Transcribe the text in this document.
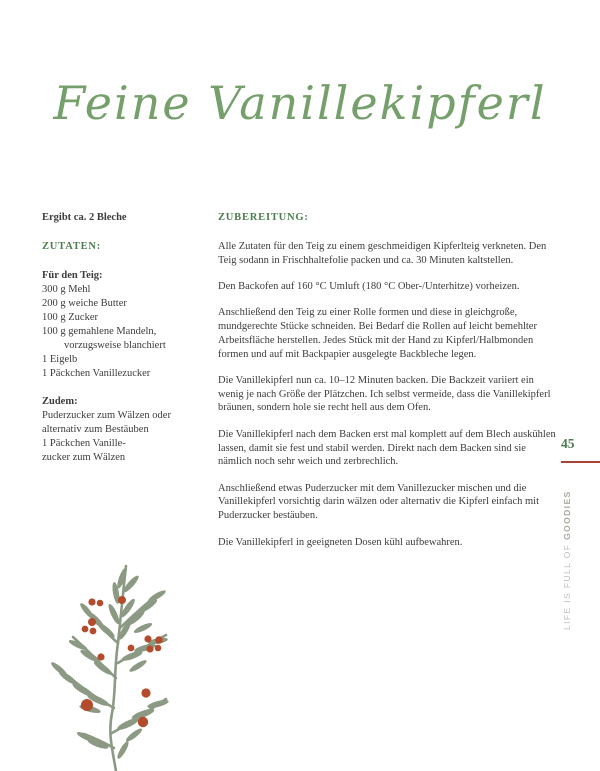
Feine Vanillekipferl
Ergibt ca. 2 Bleche
ZUTATEN:
Für den Teig:
300 g Mehl
200 g weiche Butter
100 g Zucker
100 g gemahlene Mandeln,
vorzugsweise blanchiert
1 Eigelb
1 Päckchen Vanillezucker
Zudem:
Puderzucker zum Wälzen oder
alternativ zum Bestäuben
1 Päckchen Vanille-
zucker zum Wälzen
ZUBEREITUNG:

Alle Zutaten für den Teig zu einem geschmeidigen Kipferlteig verkneten. Den Teig sodann in Frischhaltefolie packen und ca. 30 Minuten kaltstellen.

Den Backofen auf 160 °C Umluft (180 °C Ober-/Unterhitze) vorheizen.

Anschließend den Teig zu einer Rolle formen und diese in gleichgroße, mundgerechte Stücke schneiden. Bei Bedarf die Rollen auf leicht bemehlter Arbeitsfläche herstellen. Jedes Stück mit der Hand zu Kipferl/Halbmonden formen und auf mit Backpapier ausgelegte Backbleche legen.

Die Vanillekipferl nun ca. 10–12 Minuten backen. Die Backzeit variiert ein wenig je nach Größe der Plätzchen. Ich selbst vermeide, dass die Vanillekipferl bräunen, sondern hole sie recht hell aus dem Ofen.

Die Vanillekipferl nach dem Backen erst mal komplett auf dem Blech auskühlen lassen, damit sie fest und stabil werden. Direkt nach dem Backen sind sie nämlich noch sehr weich und zerbrechlich.

Anschließend etwas Puderzucker mit dem Vanillezucker mischen und die Vanillekipferl vorsichtig darin wälzen oder alternativ die Kipferl einfach mit Puderzucker bestäuben.

Die Vanillekipferl in geeigneten Dosen kühl aufbewahren.

45
LIFE IS FULL OF GOODIES
